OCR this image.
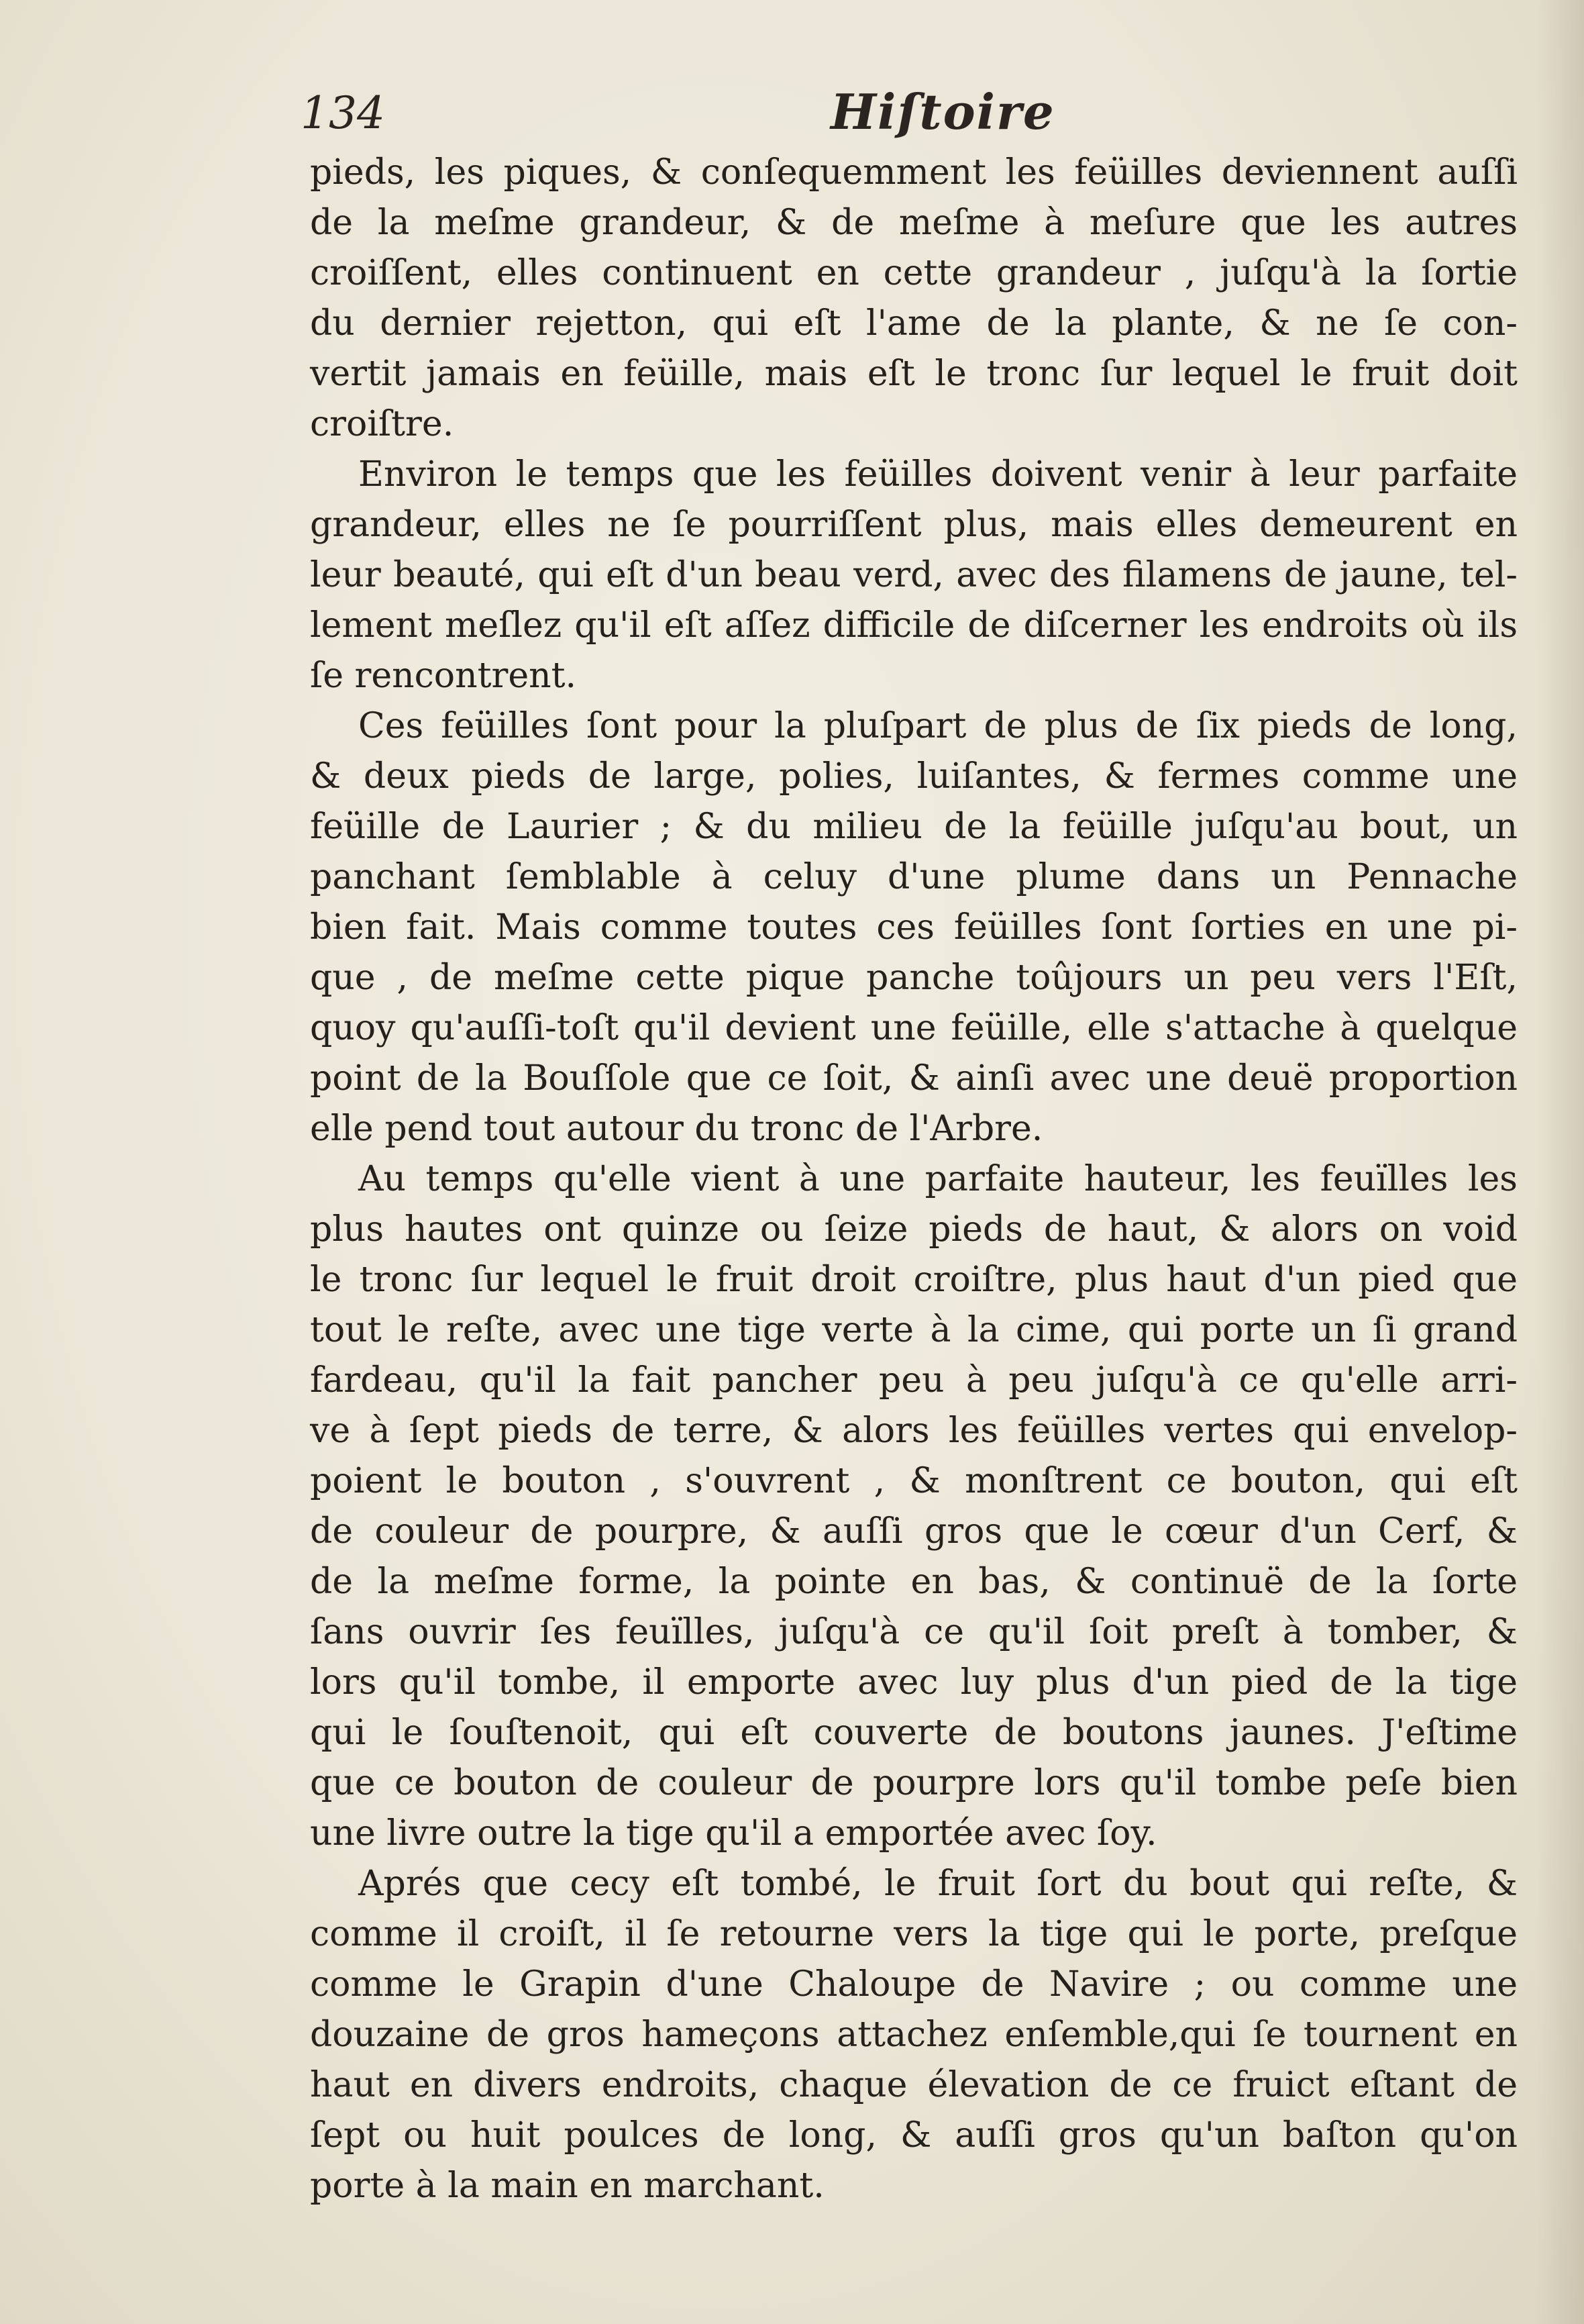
134	Hiſtoire
pieds, les piques, & conſequemment les feüilles deviennent auſſi
de la meſme grandeur, & de meſme à meſure que les autres
croiſſent, elles continuent en cette grandeur , juſqu'à la ſortie
du dernier rejetton, qui eſt l'ame de la plante, & ne ſe con-
vertit jamais en feüille, mais eſt le tronc ſur lequel le fruit doit
croiſtre.
Environ le temps que les feüilles doivent venir à leur parfaite
grandeur, elles ne ſe pourriſſent plus, mais elles demeurent en
leur beauté, qui eſt d'un beau verd, avec des filamens de jaune, tel-
lement meſlez qu'il eſt aſſez difficile de diſcerner les endroits où ils
ſe rencontrent.
Ces feüilles ſont pour la pluſpart de plus de ſix pieds de long,
& deux pieds de large, polies, luiſantes, & fermes comme une
feüille de Laurier ; & du milieu de la feüille juſqu'au bout, un
panchant ſemblable à celuy d'une plume dans un Pennache
bien fait. Mais comme toutes ces feüilles ſont ſorties en une pi-
que , de meſme cette pique panche toûjours un peu vers l'Eſt,
quoy qu'auſſi-toſt qu'il devient une feüille, elle s'attache à quelque
point de la Bouſſole que ce ſoit, & ainſi avec une deuë proportion
elle pend tout autour du tronc de l'Arbre.
Au temps qu'elle vient à une parfaite hauteur, les feuïlles les
plus hautes ont quinze ou ſeize pieds de haut, & alors on void
le tronc ſur lequel le fruit droit croiſtre, plus haut d'un pied que
tout le reſte, avec une tige verte à la cime, qui porte un ſi grand
fardeau, qu'il la fait pancher peu à peu juſqu'à ce qu'elle arri-
ve à ſept pieds de terre, & alors les feüilles vertes qui envelop-
poient le bouton , s'ouvrent , & monſtrent ce bouton, qui eſt
de couleur de pourpre, & auſſi gros que le cœur d'un Cerf, &
de la meſme forme, la pointe en bas, & continuë de la ſorte
ſans ouvrir ſes feuïlles, juſqu'à ce qu'il ſoit preſt à tomber, &
lors qu'il tombe, il emporte avec luy plus d'un pied de la tige
qui le ſouſtenoit, qui eſt couverte de boutons jaunes. J'eſtime
que ce bouton de couleur de pourpre lors qu'il tombe peſe bien
une livre outre la tige qu'il a emportée avec ſoy.
Aprés que cecy eſt tombé, le fruit ſort du bout qui reſte, &
comme il croiſt, il ſe retourne vers la tige qui le porte, preſque
comme le Grapin d'une Chaloupe de Navire ; ou comme une
douzaine de gros hameçons attachez enſemble,qui ſe tournent en
haut en divers endroits, chaque élevation de ce fruict eſtant de
ſept ou huit poulces de long, & auſſi gros qu'un baſton qu'on
porte à la main en marchant.
